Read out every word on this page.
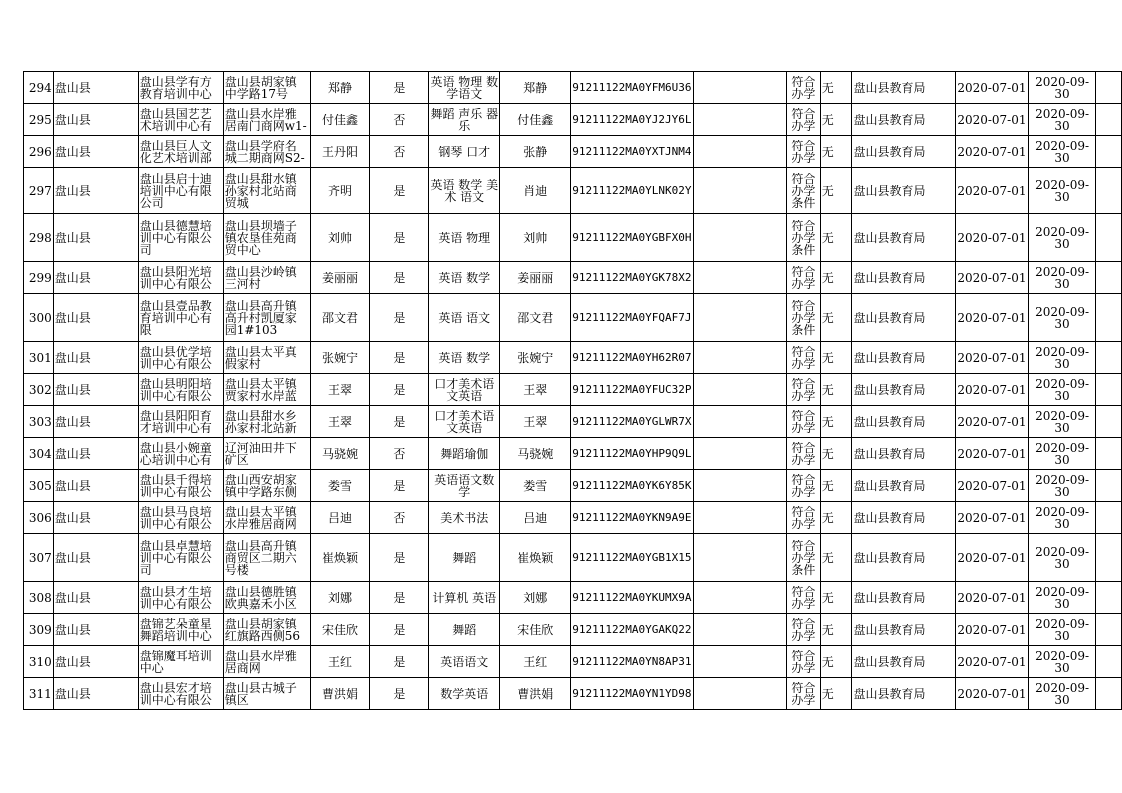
294	盘山县	盘山县学有方教育培训中心	盘山县胡家镇中学路17号	郑静	是	英语 物理 数学语文	郑静	91211122MA0YFM6U36		符合办学	无	盘山县教育局	2020-07-01	2020-09-30	

295	盘山县	盘山县国艺艺术培训中心有	盘山县水岸雅居南门商网w1-	付佳鑫	否	舞蹈 声乐 器乐	付佳鑫	91211122MA0YJ2JY6L		符合办学	无	盘山县教育局	2020-07-01	2020-09-30	

296	盘山县	盘山县巨人文化艺术培训部	盘山县学府名城二期商网S2-	王丹阳	否	钢琴 口才	张静	91211122MA0YXTJNM4		符合办学	无	盘山县教育局	2020-07-01	2020-09-30	

297	盘山县	盘山县启十迪培训中心有限公司	盘山县甜水镇孙家村北站商贸城	齐明	是	英语 数学 美术 语文	肖迪	91211122MA0YLNK02Y		符合办学条件	无	盘山县教育局	2020-07-01	2020-09-30	

298	盘山县	盘山县德慧培训中心有限公司	盘山县坝墙子镇农垦佳苑商贸中心	刘帅	是	英语 物理	刘帅	91211122MA0YGBFX0H		符合办学条件	无	盘山县教育局	2020-07-01	2020-09-30	

299	盘山县	盘山县阳光培训中心有限公	盘山县沙岭镇三河村	姜丽丽	是	英语 数学	姜丽丽	91211122MA0YGK78X2		符合办学	无	盘山县教育局	2020-07-01	2020-09-30	

300	盘山县	盘山县壹品教育培训中心有限	盘山县高升镇高升村凯厦家园1#103	邵文君	是	英语 语文	邵文君	91211122MA0YFQAF7J		符合办学条件	无	盘山县教育局	2020-07-01	2020-09-30	

301	盘山县	盘山县优学培训中心有限公	盘山县太平真假家村	张婉宁	是	英语 数学	张婉宁	91211122MA0YH62R07		符合办学	无	盘山县教育局	2020-07-01	2020-09-30	

302	盘山县	盘山县明阳培训中心有限公	盘山县太平镇贾家村水岸蓝	王翠	是	口才美术语文英语	王翠	91211122MA0YFUC32P		符合办学	无	盘山县教育局	2020-07-01	2020-09-30	

303	盘山县	盘山县阳阳育才培训中心有	盘山县甜水乡孙家村北站新	王翠	是	口才美术语文英语	王翠	91211122MA0YGLWR7X		符合办学	无	盘山县教育局	2020-07-01	2020-09-30	

304	盘山县	盘山县小婉童心培训中心有	辽河油田井下矿区	马骁婉	否	舞蹈瑜伽	马骁婉	91211122MA0YHP9Q9L		符合办学	无	盘山县教育局	2020-07-01	2020-09-30	

305	盘山县	盘山县千得培训中心有限公	盘山西安胡家镇中学路东侧	娄雪	是	英语语文数学	娄雪	91211122MA0YK6Y85K		符合办学	无	盘山县教育局	2020-07-01	2020-09-30	

306	盘山县	盘山县马良培训中心有限公	盘山县太平镇水岸雅居商网	吕迪	否	美术书法	吕迪	91211122MA0YKN9A9E		符合办学	无	盘山县教育局	2020-07-01	2020-09-30	

307	盘山县	盘山县卓慧培训中心有限公司	盘山县高升镇商贸区二期六号楼	崔焕颖	是	舞蹈	崔焕颖	91211122MA0YGB1X15		符合办学条件	无	盘山县教育局	2020-07-01	2020-09-30	

308	盘山县	盘山县才生培训中心有限公	盘山县德胜镇欧典嘉禾小区	刘娜	是	计算机 英语	刘娜	91211122MA0YKUMX9A		符合办学	无	盘山县教育局	2020-07-01	2020-09-30	

309	盘山县	盘锦艺朵童星舞蹈培训中心	盘山县胡家镇红旗路西侧56	宋佳欣	是	舞蹈	宋佳欣	91211122MA0YGAKQ22		符合办学	无	盘山县教育局	2020-07-01	2020-09-30	

310	盘山县	盘锦魔耳培训中心	盘山县水岸雅居商网	王红	是	英语语文	王红	91211122MA0YN8AP31		符合办学	无	盘山县教育局	2020-07-01	2020-09-30	

311	盘山县	盘山县宏才培训中心有限公	盘山县古城子镇区	曹洪娟	是	数学英语	曹洪娟	91211122MA0YN1YD98		符合办学	无	盘山县教育局	2020-07-01	2020-09-30	
